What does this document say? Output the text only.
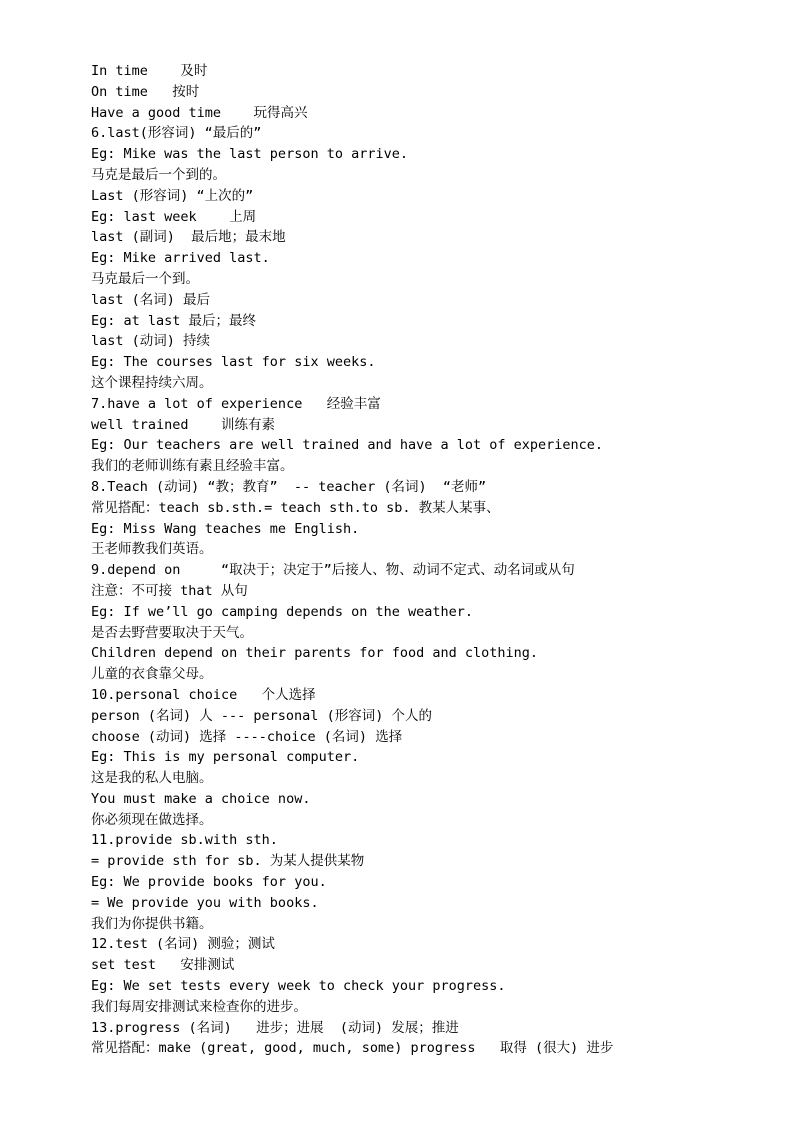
In time    及时
On time   按时
Have a good time    玩得高兴
6.last(形容词) “最后的”
Eg: Mike was the last person to arrive.
马克是最后一个到的。
Last (形容词) “上次的”
Eg: last week    上周
last (副词)  最后地；最末地
Eg: Mike arrived last.
马克最后一个到。
last (名词) 最后
Eg: at last 最后；最终
last (动词) 持续
Eg: The courses last for six weeks.
这个课程持续六周。
7.have a lot of experience   经验丰富
well trained    训练有素
Eg: Our teachers are well trained and have a lot of experience.
我们的老师训练有素且经验丰富。
8.Teach (动词) “教；教育”  -- teacher (名词)  “老师”
常见搭配：teach sb.sth.= teach sth.to sb. 教某人某事、
Eg: Miss Wang teaches me English.
王老师教我们英语。
9.depend on     “取决于；决定于”后接人、物、动词不定式、动名词或从句
注意：不可接 that 从句
Eg: If we’ll go camping depends on the weather.
是否去野营要取决于天气。
Children depend on their parents for food and clothing.
儿童的衣食靠父母。
10.personal choice   个人选择
person (名词) 人 --- personal (形容词) 个人的
choose (动词) 选择 ----choice (名词) 选择
Eg: This is my personal computer.
这是我的私人电脑。
You must make a choice now.
你必须现在做选择。
11.provide sb.with sth.
= provide sth for sb. 为某人提供某物
Eg: We provide books for you.
= We provide you with books.
我们为你提供书籍。
12.test (名词) 测验；测试
set test   安排测试
Eg: We set tests every week to check your progress.
我们每周安排测试来检查你的进步。
13.progress (名词)   进步；进展  (动词) 发展；推进
常见搭配：make (great, good, much, some) progress   取得 (很大) 进步
